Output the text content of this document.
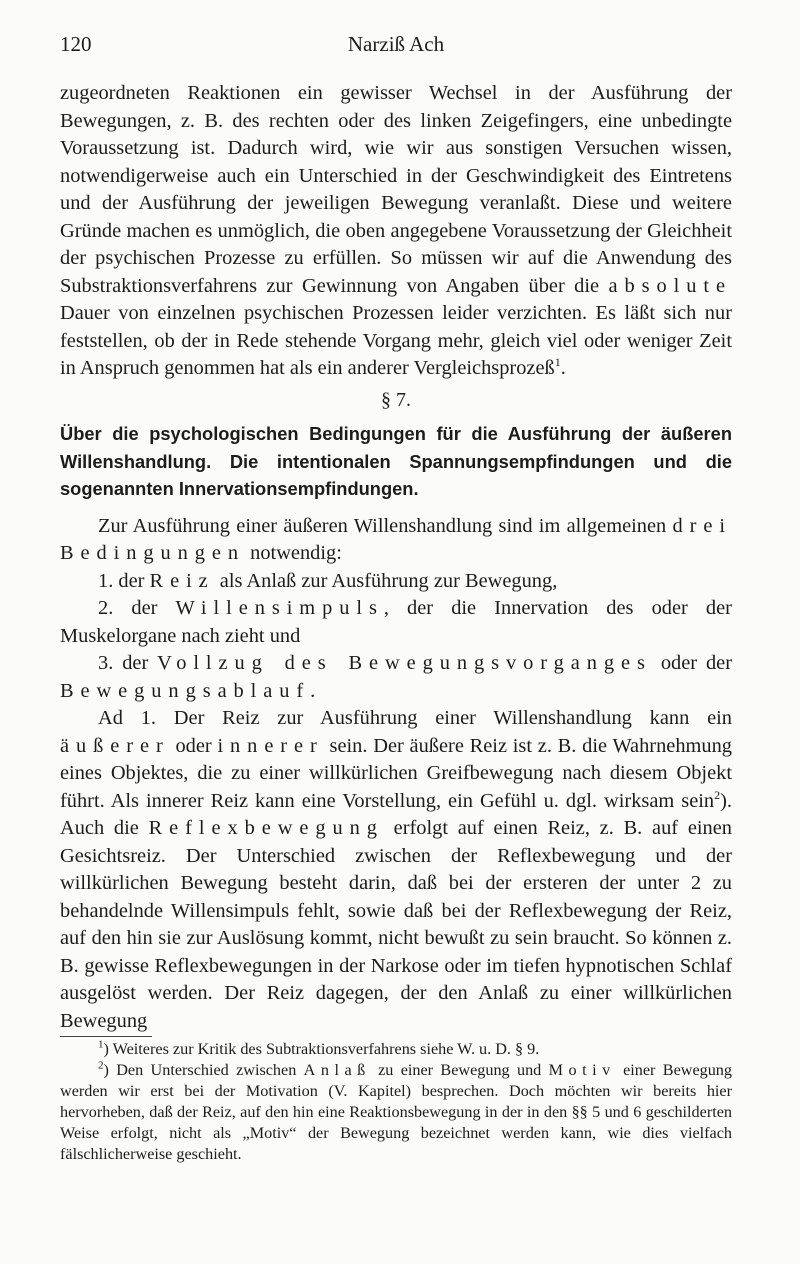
120	Narziß Ach

zugeordneten Reaktionen ein gewisser Wechsel in der Ausführung der Bewegungen, z. B. des rechten oder des linken Zeigefingers, eine unbedingte Voraussetzung ist. Dadurch wird, wie wir aus sonstigen Versuchen wissen, notwendigerweise auch ein Unterschied in der Geschwindigkeit des Eintretens und der Ausführung der jeweiligen Bewegung veranlaßt. Diese und weitere Gründe machen es unmöglich, die oben angegebene Voraussetzung der Gleichheit der psychischen Prozesse zu erfüllen. So müssen wir auf die Anwendung des Substraktionsverfahrens zur Gewinnung von Angaben über die absolute Dauer von einzelnen psychischen Prozessen leider verzichten. Es läßt sich nur feststellen, ob der in Rede stehende Vorgang mehr, gleich viel oder weniger Zeit in Anspruch genommen hat als ein anderer Vergleichsprozeß$^1$.

§ 7.
Über die psychologischen Bedingungen für die Ausführung der äußeren Willenshandlung. Die intentionalen Spannungsempfindungen und die sogenannten Innervationsempfindungen.

Zur Ausführung einer äußeren Willenshandlung sind im allgemeinen drei Bedingungen notwendig:

1. der Reiz als Anlaß zur Ausführung zur Bewegung,

2. der Willensimpuls, der die Innervation des oder der Muskelorgane nach zieht und

3. der Vollzug des Bewegungsvorganges oder der Bewegungsablauf.

Ad 1. Der Reiz zur Ausführung einer Willenshandlung kann ein äußerer oder innerer sein. Der äußere Reiz ist z. B. die Wahrnehmung eines Objektes, die zu einer willkürlichen Greifbewegung nach diesem Objekt führt. Als innerer Reiz kann eine Vorstellung, ein Gefühl u. dgl. wirksam sein$^2$). Auch die Reflexbewegung erfolgt auf einen Reiz, z. B. auf einen Gesichtsreiz. Der Unterschied zwischen der Reflexbewegung und der willkürlichen Bewegung besteht darin, daß bei der ersteren der unter 2 zu behandelnde Willensimpuls fehlt, sowie daß bei der Reflexbewegung der Reiz, auf den hin sie zur Auslösung kommt, nicht bewußt zu sein braucht. So können z. B. gewisse Reflexbewegungen in der Narkose oder im tiefen hypnotischen Schlaf ausgelöst werden. Der Reiz dagegen, der den Anlaß zu einer willkürlichen Bewegung

$^1$) Weiteres zur Kritik des Subtraktionsverfahrens siehe W. u. D. § 9.

$^2$) Den Unterschied zwischen Anlaß zu einer Bewegung und Motiv einer Bewegung werden wir erst bei der Motivation (V. Kapitel) besprechen. Doch möchten wir bereits hier hervorheben, daß der Reiz, auf den hin eine Reaktionsbewegung in der in den §§ 5 und 6 geschilderten Weise erfolgt, nicht als „Motiv“ der Bewegung bezeichnet werden kann, wie dies vielfach fälschlicherweise geschieht.
